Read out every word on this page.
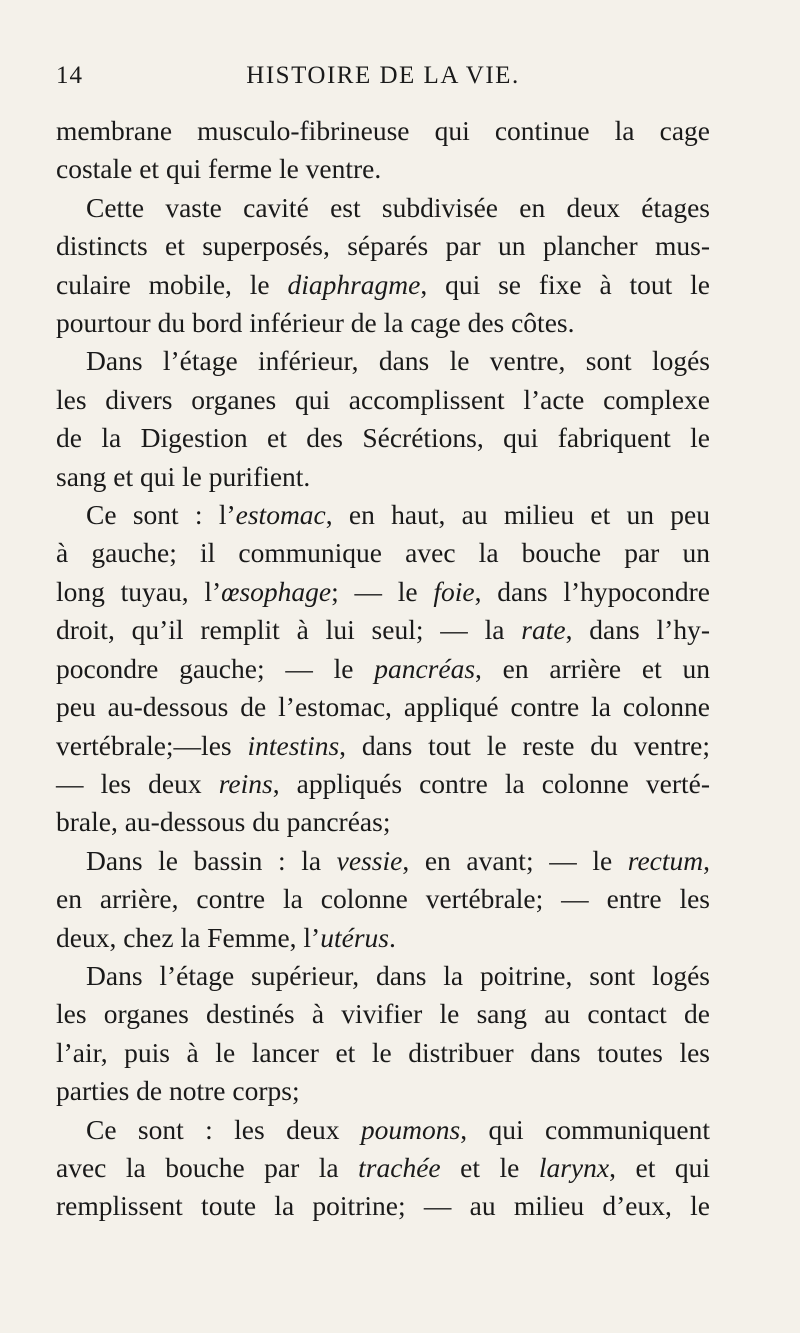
14	HISTOIRE DE LA VIE.
membrane musculo-fibrineuse qui continue la cage
costale et qui ferme le ventre.
Cette vaste cavité est subdivisée en deux étages
distincts et superposés, séparés par un plancher mus-
culaire mobile, le diaphragme, qui se fixe à tout le
pourtour du bord inférieur de la cage des côtes.
Dans l’étage inférieur, dans le ventre, sont logés
les divers organes qui accomplissent l’acte complexe
de la Digestion et des Sécrétions, qui fabriquent le
sang et qui le purifient.
Ce sont : l’estomac, en haut, au milieu et un peu
à gauche; il communique avec la bouche par un
long tuyau, l’œsophage; — le foie, dans l’hypocondre
droit, qu’il remplit à lui seul; — la rate, dans l’hy-
pocondre gauche; — le pancréas, en arrière et un
peu au-dessous de l’estomac, appliqué contre la colonne
vertébrale;—les intestins, dans tout le reste du ventre;
— les deux reins, appliqués contre la colonne verté-
brale, au-dessous du pancréas;
Dans le bassin : la vessie, en avant; — le rectum,
en arrière, contre la colonne vertébrale; — entre les
deux, chez la Femme, l’utérus.
Dans l’étage supérieur, dans la poitrine, sont logés
les organes destinés à vivifier le sang au contact de
l’air, puis à le lancer et le distribuer dans toutes les
parties de notre corps;
Ce sont : les deux poumons, qui communiquent
avec la bouche par la trachée et le larynx, et qui
remplissent toute la poitrine; — au milieu d’eux, le
